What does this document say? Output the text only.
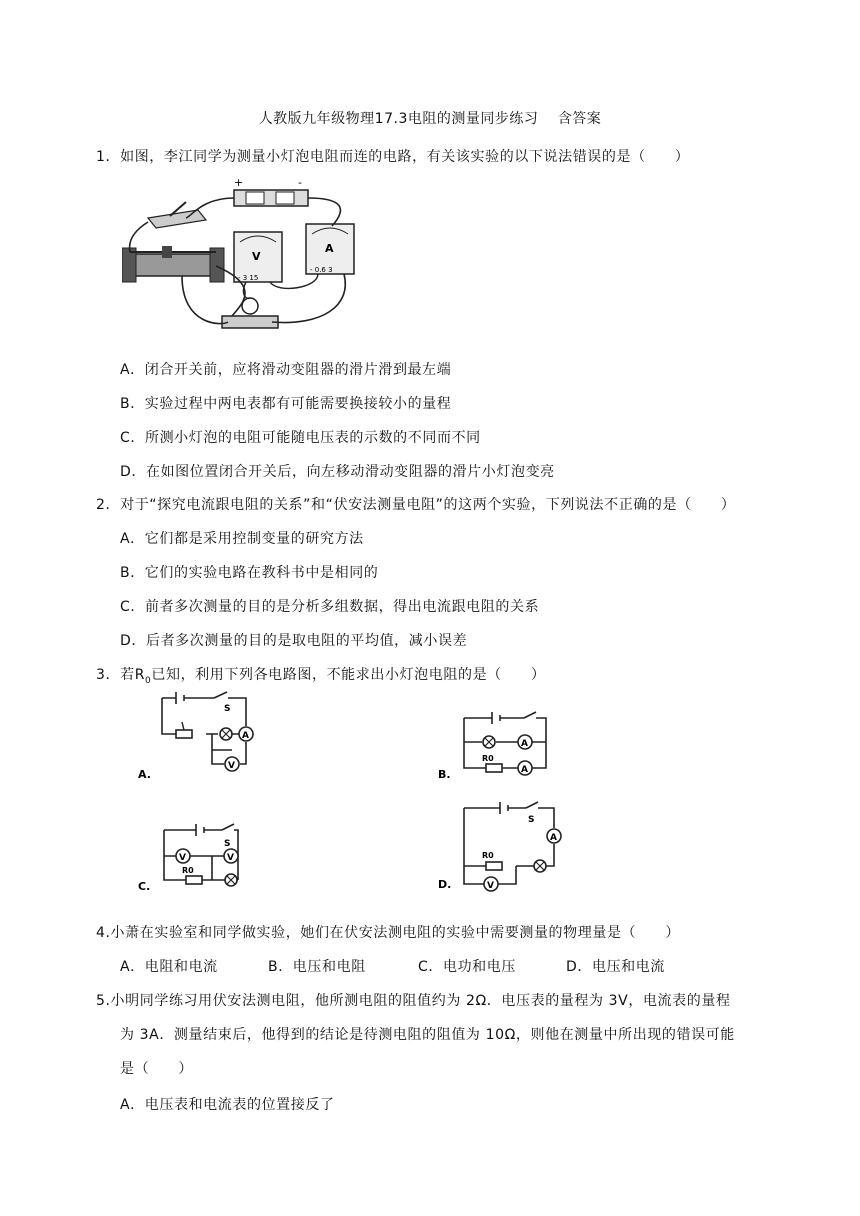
人教版九年级物理17.3电阻的测量同步练习　 含答案
1．如图，李江同学为测量小灯泡电阻而连的电路，有关该实验的以下说法错误的是（　　）
+	-
V
- 3 15
A
- 0.6 3
A．闭合开关前，应将滑动变阻器的滑片滑到最左端
B．实验过程中两电表都有可能需要换接较小的量程
C．所测小灯泡的电阻可能随电压表的示数的不同而不同
D．在如图位置闭合开关后，向左移动滑动变阻器的滑片小灯泡变亮
2．对于“探究电流跟电阻的关系”和“伏安法测量电阻”的这两个实验，下列说法不正确的是（　　）
A．它们都是采用控制变量的研究方法
B．它们的实验电路在教科书中是相同的
C．前者多次测量的目的是分析多组数据，得出电流跟电阻的关系
D．后者多次测量的目的是取电阻的平均值，减小误差
3．若$R_0$已知，利用下列各电路图，不能求出小灯泡电阻的是（　　）
A
V
S
A.
A
R0
A
B.
V	V
R0
S
C.
A
R0
V
S
D.
4.小萧在实验室和同学做实验，她们在伏安法测电阻的实验中需要测量的物理量是（　　）
A．电阻和电流	B．电压和电阻	C．电功和电压	D．电压和电流
5.小明同学练习用伏安法测电阻，他所测电阻的阻值约为 2Ω．电压表的量程为 3V，电流表的量程
为 3A．测量结束后，他得到的结论是待测电阻的阻值为 10Ω，则他在测量中所出现的错误可能
是（　　）
A．电压表和电流表的位置接反了
